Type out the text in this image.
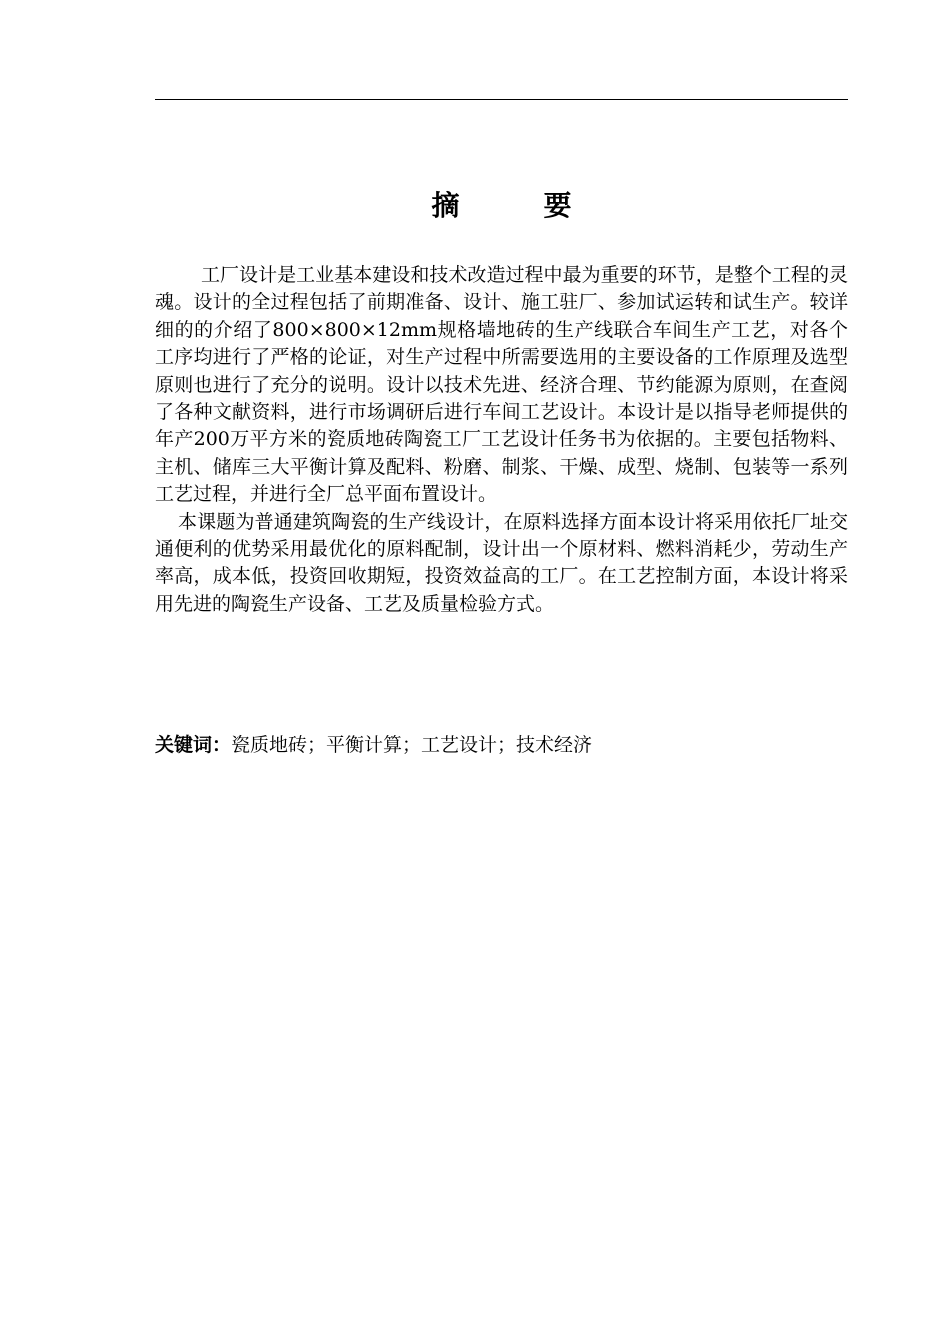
摘　要

工厂设计是工业基本建设和技术改造过程中最为重要的环节，是整个工程的灵魂。设计的全过程包括了前期准备、设计、施工驻厂、参加试运转和试生产。较详细的的介绍了800×800×12mm规格墙地砖的生产线联合车间生产工艺，对各个工序均进行了严格的论证，对生产过程中所需要选用的主要设备的工作原理及选型原则也进行了充分的说明。设计以技术先进、经济合理、节约能源为原则，在查阅了各种文献资料，进行市场调研后进行车间工艺设计。本设计是以指导老师提供的年产200万平方米的瓷质地砖陶瓷工厂工艺设计任务书为依据的。主要包括物料、主机、储库三大平衡计算及配料、粉磨、制浆、干燥、成型、烧制、包装等一系列工艺过程，并进行全厂总平面布置设计。

本课题为普通建筑陶瓷的生产线设计，在原料选择方面本设计将采用依托厂址交通便利的优势采用最优化的原料配制，设计出一个原材料、燃料消耗少，劳动生产率高，成本低，投资回收期短，投资效益高的工厂。在工艺控制方面，本设计将采用先进的陶瓷生产设备、工艺及质量检验方式。

关键词：瓷质地砖；平衡计算；工艺设计；技术经济
